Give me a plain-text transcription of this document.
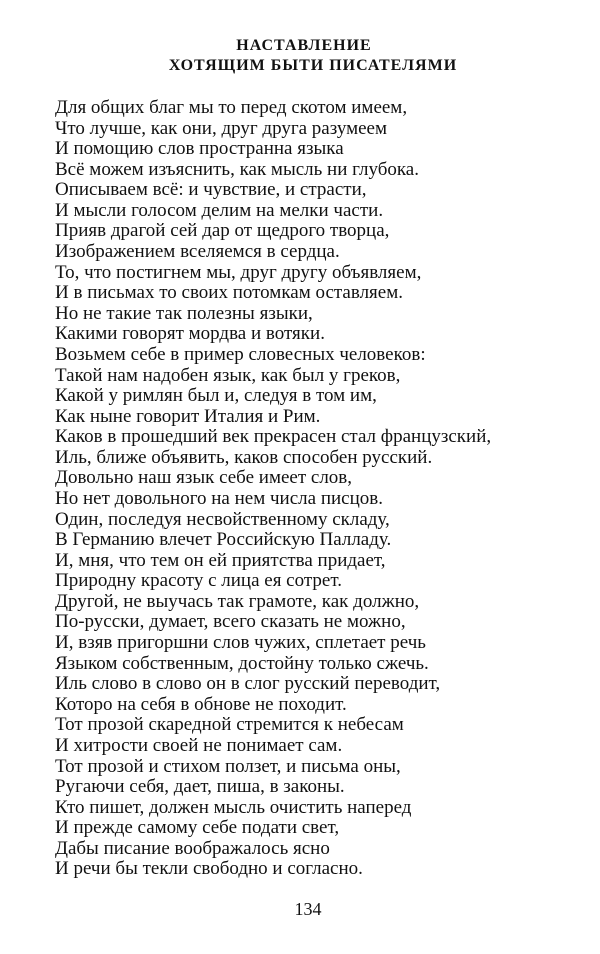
НАСТАВЛЕНИЕ
ХОТЯЩИМ БЫТИ ПИСАТЕЛЯМИ
Для общих благ мы то перед скотом имеем,
Что лучше, как они, друг друга разумеем
И помощию слов пространна языка
Всё можем изъяснить, как мысль ни глубока.
Описываем всё: и чувствие, и страсти,
И мысли голосом делим на мелки части.
Прияв драгой сей дар от щедрого творца,
Изображением вселяемся в сердца.
То, что постигнем мы, друг другу объявляем,
И в письмах то своих потомкам оставляем.
Но не такие так полезны языки,
Какими говорят мордва и вотяки.
Возьмем себе в пример словесных человеков:
Такой нам надобен язык, как был у греков,
Какой у римлян был и, следуя в том им,
Как ныне говорит Италия и Рим.
Каков в прошедший век прекрасен стал французский,
Иль, ближе объявить, каков способен русский.
Довольно наш язык себе имеет слов,
Но нет довольного на нем числа писцов.
Один, последуя несвойственному складу,
В Германию влечет Российскую Палладу.
И, мня, что тем он ей приятства придает,
Природну красоту с лица ея сотрет.
Другой, не выучась так грамоте, как должно,
По-русски, думает, всего сказать не можно,
И, взяв пригоршни слов чужих, сплетает речь
Языком собственным, достойну только сжечь.
Иль слово в слово он в слог русский переводит,
Которо на себя в обнове не походит.
Тот прозой скаредной стремится к небесам
И хитрости своей не понимает сам.
Тот прозой и стихом ползет, и письма оны,
Ругаючи себя, дает, пиша, в законы.
Кто пишет, должен мысль очистить наперед
И прежде самому себе подати свет,
Дабы писание воображалось ясно
И речи бы текли свободно и согласно.
134
